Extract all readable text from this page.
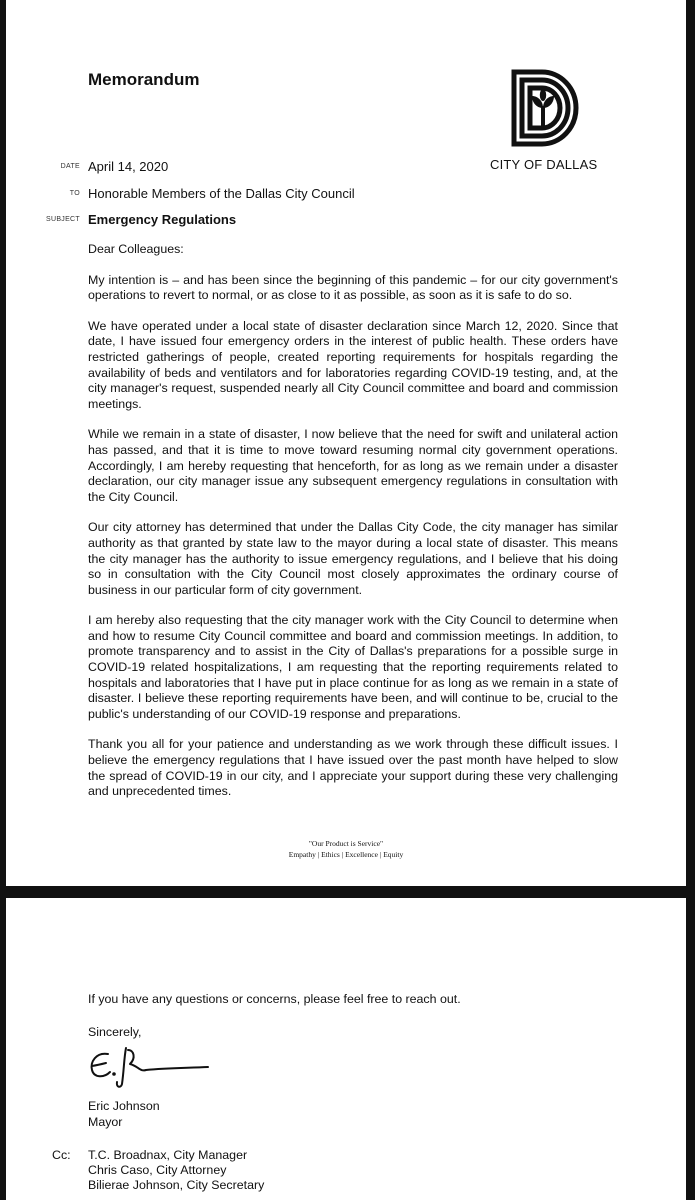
Memorandum
CITY OF DALLAS
DATE April 14, 2020
TO Honorable Members of the Dallas City Council
SUBJECT Emergency Regulations

Dear Colleagues:

My intention is – and has been since the beginning of this pandemic – for our city government's operations to revert to normal, or as close to it as possible, as soon as it is safe to do so.

We have operated under a local state of disaster declaration since March 12, 2020. Since that date, I have issued four emergency orders in the interest of public health. These orders have restricted gatherings of people, created reporting requirements for hospitals regarding the availability of beds and ventilators and for laboratories regarding COVID-19 testing, and, at the city manager's request, suspended nearly all City Council committee and board and commission meetings.

While we remain in a state of disaster, I now believe that the need for swift and unilateral action has passed, and that it is time to move toward resuming normal city government operations. Accordingly, I am hereby requesting that henceforth, for as long as we remain under a disaster declaration, our city manager issue any subsequent emergency regulations in consultation with the City Council.

Our city attorney has determined that under the Dallas City Code, the city manager has similar authority as that granted by state law to the mayor during a local state of disaster. This means the city manager has the authority to issue emergency regulations, and I believe that his doing so in consultation with the City Council most closely approximates the ordinary course of business in our particular form of city government.

I am hereby also requesting that the city manager work with the City Council to determine when and how to resume City Council committee and board and commission meetings. In addition, to promote transparency and to assist in the City of Dallas's preparations for a possible surge in COVID-19 related hospitalizations, I am requesting that the reporting requirements related to hospitals and laboratories that I have put in place continue for as long as we remain in a state of disaster. I believe these reporting requirements have been, and will continue to be, crucial to the public's understanding of our COVID-19 response and preparations.

Thank you all for your patience and understanding as we work through these difficult issues. I believe the emergency regulations that I have issued over the past month have helped to slow the spread of COVID-19 in our city, and I appreciate your support during these very challenging and unprecedented times.

"Our Product is Service"
Empathy | Ethics | Excellence | Equity
If you have any questions or concerns, please feel free to reach out.
Sincerely,
Eric Johnson
Mayor
Cc: T.C. Broadnax, City Manager
Chris Caso, City Attorney
Bilierae Johnson, City Secretary
